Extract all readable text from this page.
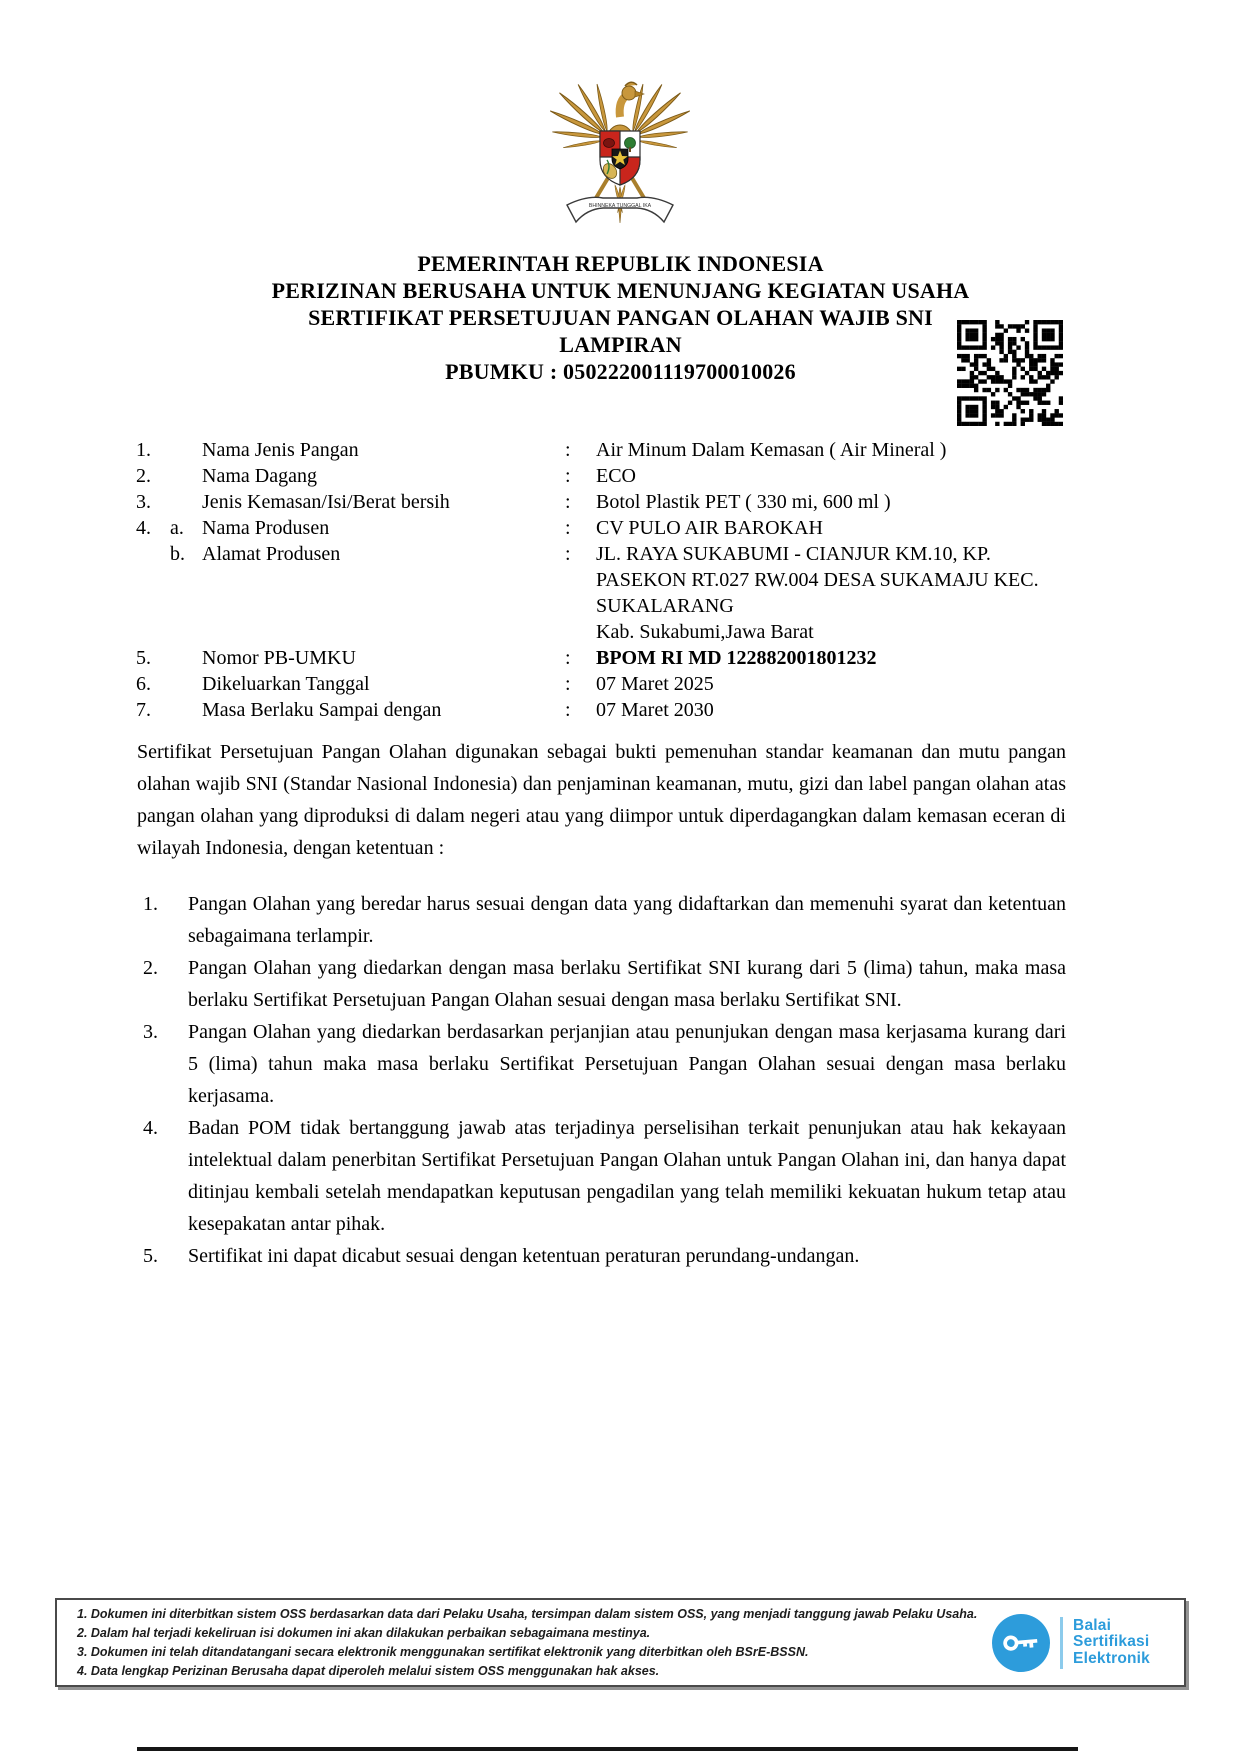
BHINNEKA TUNGGAL IKA
PEMERINTAH REPUBLIK INDONESIA
PERIZINAN BERUSAHA UNTUK MENUNJANG KEGIATAN USAHA
SERTIFIKAT PERSETUJUAN PANGAN OLAHAN WAJIB SNI
LAMPIRAN
PBUMKU : 050222001119700010026
1.	Nama Jenis Pangan	:	Air Minum Dalam Kemasan ( Air Mineral )
2.	Nama Dagang	:	ECO
3.	Jenis Kemasan/Isi/Berat bersih	:	Botol Plastik PET ( 330 mi, 600 ml )
4. a. Nama Produsen	:	CV PULO AIR BAROKAH
b. Alamat Produsen	:	JL. RAYA SUKABUMI - CIANJUR KM.10, KP.
PASEKON RT.027 RW.004 DESA SUKAMAJU KEC.
SUKALARANG
Kab. Sukabumi,Jawa Barat
5.	Nomor PB-UMKU	:	BPOM RI MD 122882001801232
6.	Dikeluarkan Tanggal	:	07 Maret 2025
7.	Masa Berlaku Sampai dengan	:	07 Maret 2030

Sertifikat Persetujuan Pangan Olahan digunakan sebagai bukti pemenuhan standar keamanan dan mutu pangan olahan wajib SNI (Standar Nasional Indonesia) dan penjaminan keamanan, mutu, gizi dan label pangan olahan atas pangan olahan yang diproduksi di dalam negeri atau yang diimpor untuk diperdagangkan dalam kemasan eceran di wilayah Indonesia, dengan ketentuan :

1.	Pangan Olahan yang beredar harus sesuai dengan data yang didaftarkan dan memenuhi syarat dan ketentuan sebagaimana terlampir.
2.	Pangan Olahan yang diedarkan dengan masa berlaku Sertifikat SNI kurang dari 5 (lima) tahun, maka masa berlaku Sertifikat Persetujuan Pangan Olahan sesuai dengan masa berlaku Sertifikat SNI.
3.	Pangan Olahan yang diedarkan berdasarkan perjanjian atau penunjukan dengan masa kerjasama kurang dari 5 (lima) tahun maka masa berlaku Sertifikat Persetujuan Pangan Olahan sesuai dengan masa berlaku kerjasama.
4.	Badan POM tidak bertanggung jawab atas terjadinya perselisihan terkait penunjukan atau hak kekayaan intelektual dalam penerbitan Sertifikat Persetujuan Pangan Olahan untuk Pangan Olahan ini, dan hanya dapat ditinjau kembali setelah mendapatkan keputusan pengadilan yang telah memiliki kekuatan hukum tetap atau kesepakatan antar pihak.
5.	Sertifikat ini dapat dicabut sesuai dengan ketentuan peraturan perundang-undangan.
1. Dokumen ini diterbitkan sistem OSS berdasarkan data dari Pelaku Usaha, tersimpan dalam sistem OSS, yang menjadi tanggung jawab Pelaku Usaha.
2. Dalam hal terjadi kekeliruan isi dokumen ini akan dilakukan perbaikan sebagaimana mestinya.
3. Dokumen ini telah ditandatangani secara elektronik menggunakan sertifikat elektronik yang diterbitkan oleh BSrE-BSSN.
4. Data lengkap Perizinan Berusaha dapat diperoleh melalui sistem OSS menggunakan hak akses.
Balai
Sertifikasi
Elektronik
